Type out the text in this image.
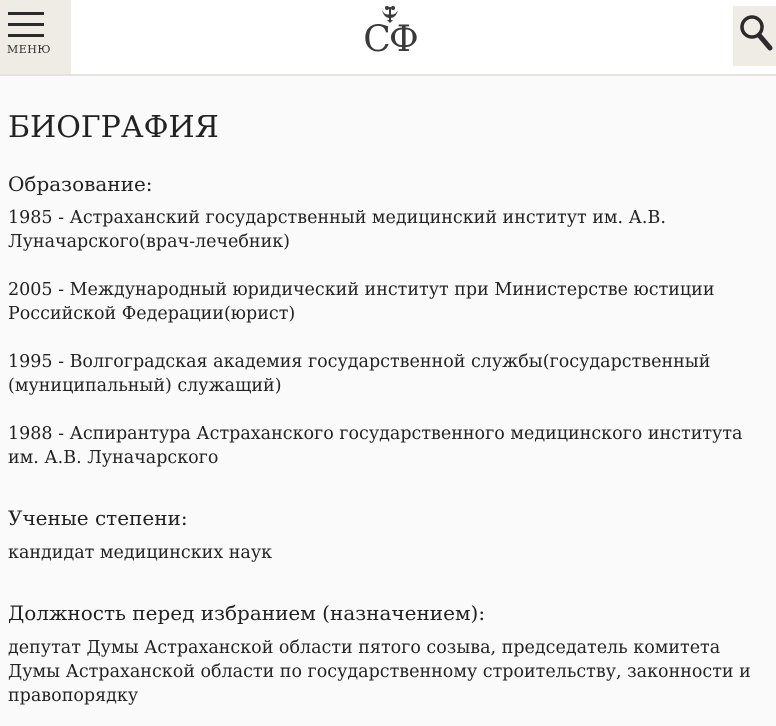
МЕНЮ	СФ
БИОГРАФИЯ
Образование:

1985 - Астраханский государственный медицинский институт им. А.В. Луначарского(врач-лечебник)

2005 - Международный юридический институт при Министерстве юстиции Российской Федерации(юрист)

1995 - Волгоградская академия государственной службы(государственный (муниципальный) служащий)

1988 - Аспирантура Астраханского государственного медицинского института им. А.В. Луначарского

Ученые степени:

кандидат медицинских наук

Должность перед избранием (назначением):

депутат Думы Астраханской области пятого созыва, председатель комитета Думы Астраханской области по государственному строительству, законности и правопорядку
